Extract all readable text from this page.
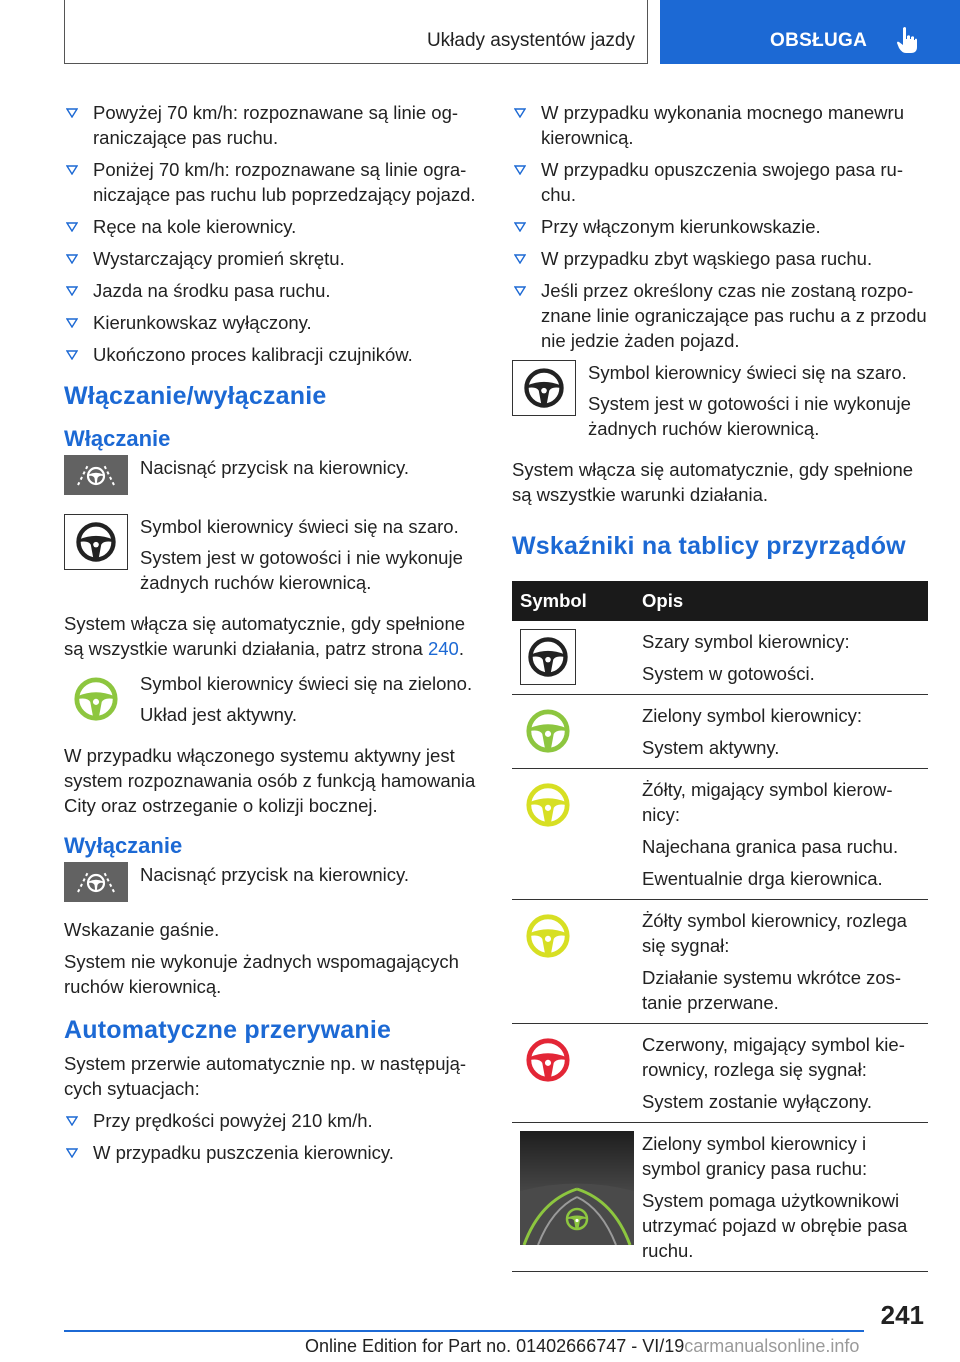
Układy asystentów jazdy	OBSŁUGA
Powyżej 70 km/h: rozpoznawane są linie ograniczające pas ruchu.
Poniżej 70 km/h: rozpoznawane są linie ograniczające pas ruchu lub poprzedzający pojazd.
Ręce na kole kierownicy.
Wystarczający promień skrętu.
Jazda na środku pasa ruchu.
Kierunkowskaz wyłączony.
Ukończono proces kalibracji czujników.
Włączanie/wyłączanie
Włączanie

Nacisnąć przycisk na kierownicy.

Symbol kierownicy świeci się na szaro.

System jest w gotowości i nie wykonuje żadnych ruchów kierownicą.

System włącza się automatycznie, gdy spełnione są wszystkie warunki działania, patrz strona 240.

Symbol kierownicy świeci się na zielono.

Układ jest aktywny.

W przypadku włączonego systemu aktywny jest system rozpoznawania osób z funkcją hamowania City oraz ostrzeganie o kolizji bocznej.

Wyłączanie

Nacisnąć przycisk na kierownicy.

Wskazanie gaśnie.

System nie wykonuje żadnych wspomagających ruchów kierownicą.

Automatyczne przerywanie

System przerwie automatycznie np. w następujących sytuacjach:

Przy prędkości powyżej 210 km/h.
W przypadku puszczenia kierownicy.
W przypadku wykonania mocnego manewru kierownicą.
W przypadku opuszczenia swojego pasa ruchu.
Przy włączonym kierunkowskazie.
W przypadku zbyt wąskiego pasa ruchu.
Jeśli przez określony czas nie zostaną rozpoznane linie ograniczające pas ruchu a z przodu nie jedzie żaden pojazd.

Symbol kierownicy świeci się na szaro.

System jest w gotowości i nie wykonuje żadnych ruchów kierownicą.

System włącza się automatycznie, gdy spełnione są wszystkie warunki działania.

Wskaźniki na tablicy przyrządów
Symbol	Opis

Szary symbol kierownicy:

System w gotowości.

Zielony symbol kierownicy:

System aktywny.

Żółty, migający symbol kierownicy:

Najechana granica pasa ruchu.

Ewentualnie drga kierownica.

Żółty symbol kierownicy, rozlega się sygnał:

Działanie systemu wkrótce zostanie przerwane.

Czerwony, migający symbol kierownicy, rozlega się sygnał:

System zostanie wyłączony.

Zielony symbol kierownicy i symbol granicy pasa ruchu:

System pomaga użytkownikowi utrzymać pojazd w obrębie pasa ruchu.

241
Online Edition for Part no. 01402666747 - VI/19carmanualsonline.info
